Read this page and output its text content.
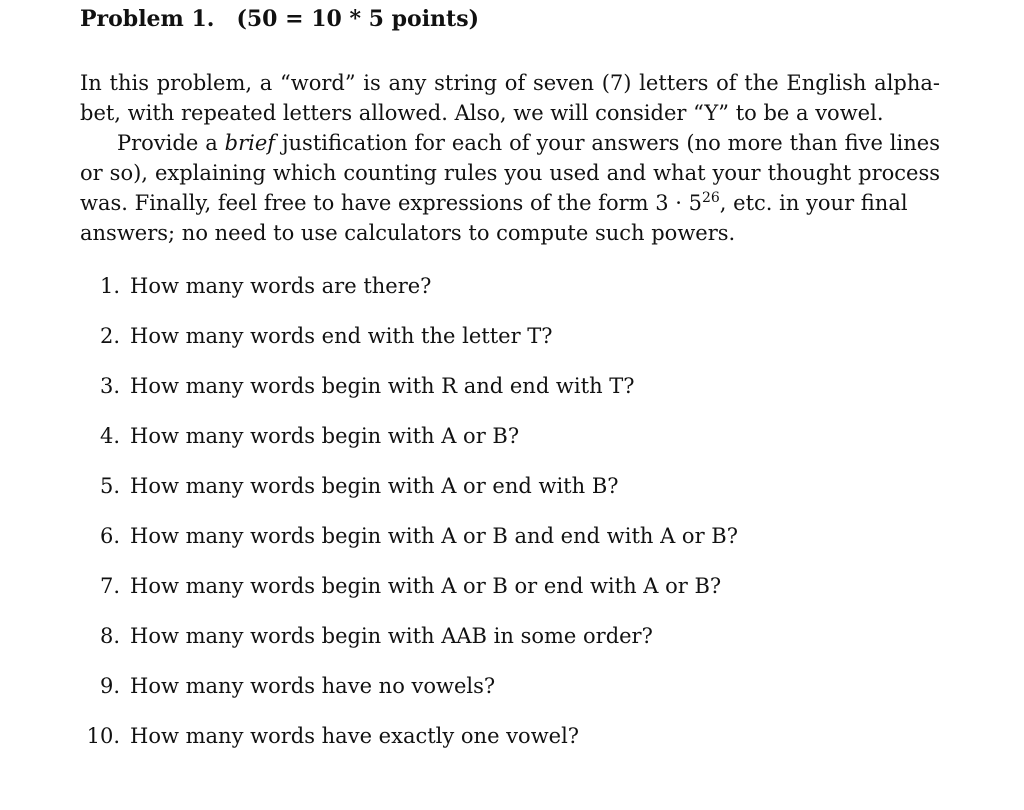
Problem 1. (50 = 10 * 5 points)
In this problem, a “word” is any string of seven (7) letters of the English alpha-
bet, with repeated letters allowed. Also, we will consider “Y” to be a vowel.
Provide a brief justification for each of your answers (no more than five lines
or so), explaining which counting rules you used and what your thought process
was. Finally, feel free to have expressions of the form $3 \cdot 5^{26}$, etc. in your final
answers; no need to use calculators to compute such powers.
1. How many words are there?
2. How many words end with the letter T?
3. How many words begin with R and end with T?
4. How many words begin with A or B?
5. How many words begin with A or end with B?
6. How many words begin with A or B and end with A or B?
7. How many words begin with A or B or end with A or B?
8. How many words begin with AAB in some order?
9. How many words have no vowels?
10. How many words have exactly one vowel?
